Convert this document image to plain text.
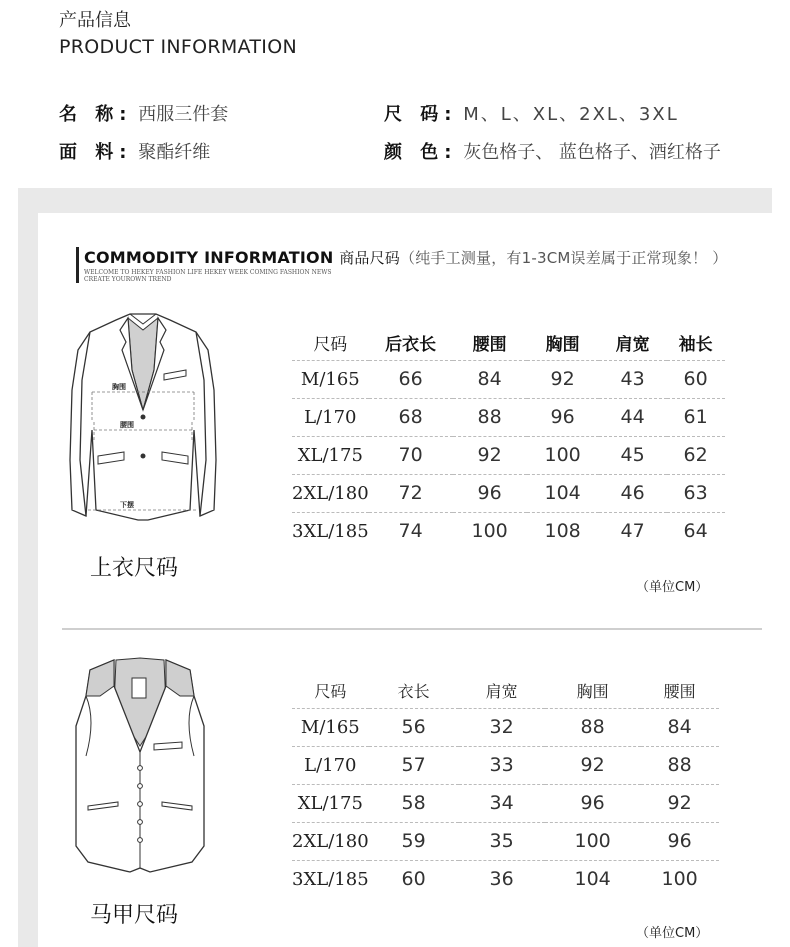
产品信息
PRODUCT INFORMATION
名 称: 西服三件套
面 料: 聚酯纤维
尺 码: M、L、XL、2XL、3XL
颜 色: 灰色格子、 蓝色格子、酒红格子
COMMODITY INFORMATION 商品尺码（纯手工测量，有1-3CM误差属于正常现象！ ）
WELCOME TO HEKEY FASHION LIFE HEKEY WEEK COMING FASHION NEWS
CREATE YOUROWN TREND
胸围
腰围
下摆
上衣尺码
尺码	后衣长	腰围	胸围	肩宽	袖长
M/165	66	84	92	43	60
L/170	68	88	96	44	61
XL/175	70	92	100	45	62
2XL/180	72	96	104	46	63
3XL/185	74	100	108	47	64
（单位CM）
马甲尺码
尺码	衣长	肩宽	胸围	腰围
M/165	56	32	88	84
L/170	57	33	92	88
XL/175	58	34	96	92
2XL/180	59	35	100	96
3XL/185	60	36	104	100
（单位CM）
